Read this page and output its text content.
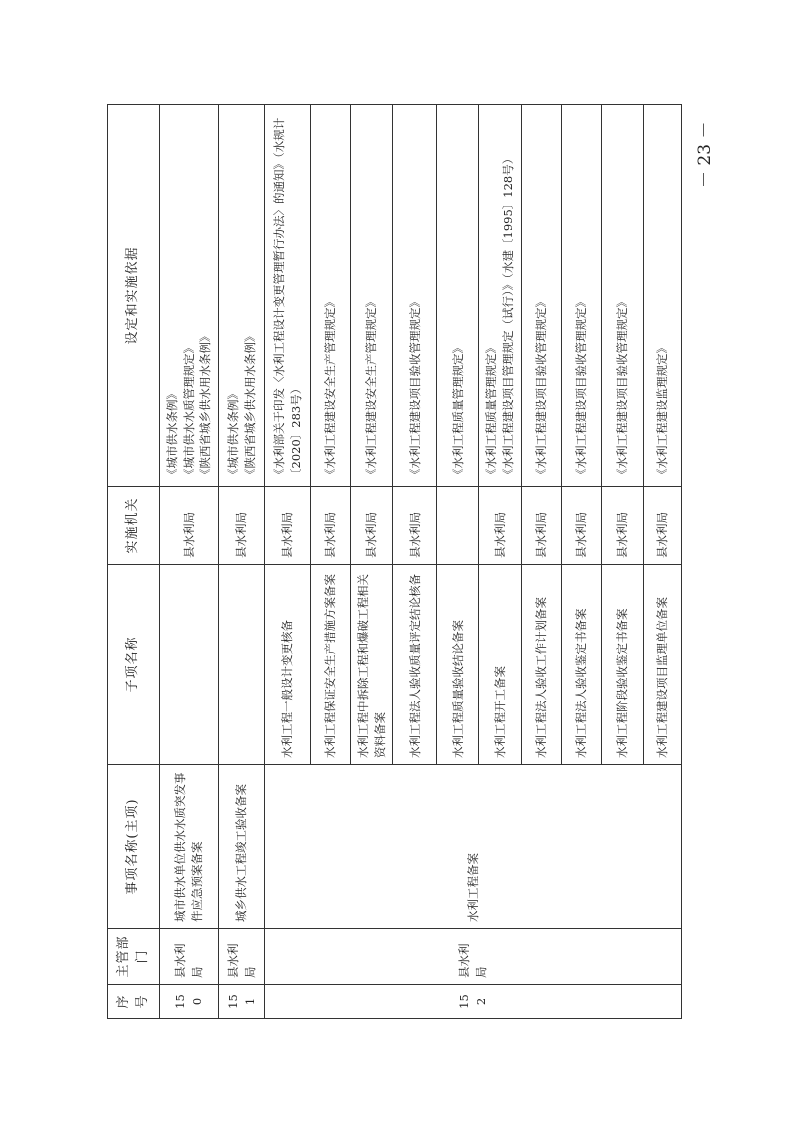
序号	主管部门	事项名称(主项)	子项名称	实施机关	设定和实施依据
150	县水利局	城市供水单位供水水质突发事件应急预案备案		县水利局	《城市供水条例》 《城市供水水质管理规定》 《陕西省城乡供水用水条例》

151	县水利局	城乡供水工程竣工验收备案		县水利局	《城市供水条例》 《陕西省城乡供水用水条例》

152	县水利局	水利工程备案	水利工程一般设计变更核备	县水利局	《水利部关于印发〈水利工程设计变更管理暂行办法〉的通知》（水规计〔2020〕283号）
			水利工程保证安全生产措施方案备案	县水利局	《水利工程建设安全生产管理规定》
			水利工程中拆除工程和爆破工程相关资料备案	县水利局	《水利工程建设安全生产管理规定》
			水利工程法人验收质量评定结论核备	县水利局	《水利工程建设项目验收管理规定》
			水利工程质量验收结论备案		《水利工程质量管理规定》
			水利工程开工备案	县水利局	《水利工程质量管理规定》 《水利工程建设项目管理规定（试行）》（水建〔1995〕128号）

			水利工程法人验收工作计划备案	县水利局	《水利工程建设项目验收管理规定》
			水利工程法人验收鉴定书备案	县水利局	《水利工程建设项目验收管理规定》
			水利工程阶段验收鉴定书备案	县水利局	《水利工程建设项目验收管理规定》
			水利工程建设项目监理单位备案	县水利局	《水利工程建设监理规定》
－ 23 －
